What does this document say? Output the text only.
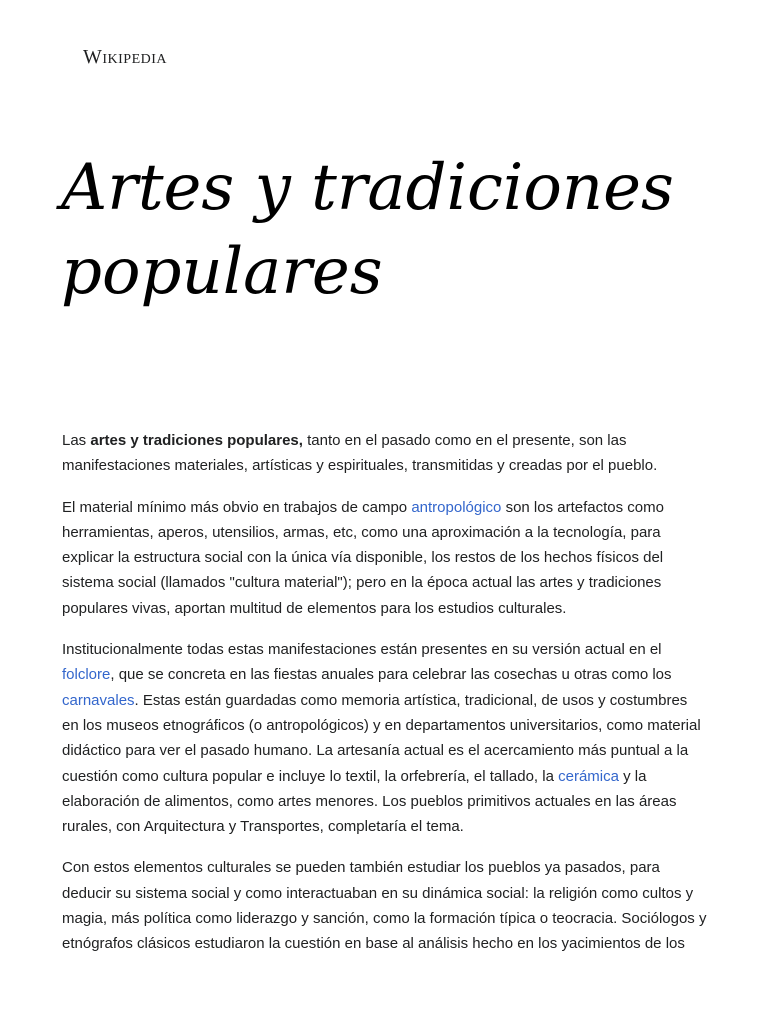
Wikipedia
Artes y tradiciones populares

Las artes y tradiciones populares, tanto en el pasado como en el presente, son las manifestaciones materiales, artísticas y espirituales, transmitidas y creadas por el pueblo.

El material mínimo más obvio en trabajos de campo antropológico son los artefactos como herramientas, aperos, utensilios, armas, etc, como una aproximación a la tecnología, para explicar la estructura social con la única vía disponible, los restos de los hechos físicos del sistema social (llamados "cultura material"); pero en la época actual las artes y tradiciones populares vivas, aportan multitud de elementos para los estudios culturales.

Institucionalmente todas estas manifestaciones están presentes en su versión actual en el folclore, que se concreta en las fiestas anuales para celebrar las cosechas u otras como los carnavales. Estas están guardadas como memoria artística, tradicional, de usos y costumbres en los museos etnográficos (o antropológicos) y en departamentos universitarios, como material didáctico para ver el pasado humano. La artesanía actual es el acercamiento más puntual a la cuestión como cultura popular e incluye lo textil, la orfebrería, el tallado, la cerámica y la elaboración de alimentos, como artes menores. Los pueblos primitivos actuales en las áreas rurales, con Arquitectura y Transportes, completaría el tema.

Con estos elementos culturales se pueden también estudiar los pueblos ya pasados, para deducir su sistema social y como interactuaban en su dinámica social: la religión como cultos y magia, más política como liderazgo y sanción, como la formación típica o teocracia. Sociólogos y etnógrafos clásicos estudiaron la cuestión en base al análisis hecho en los yacimientos de los
